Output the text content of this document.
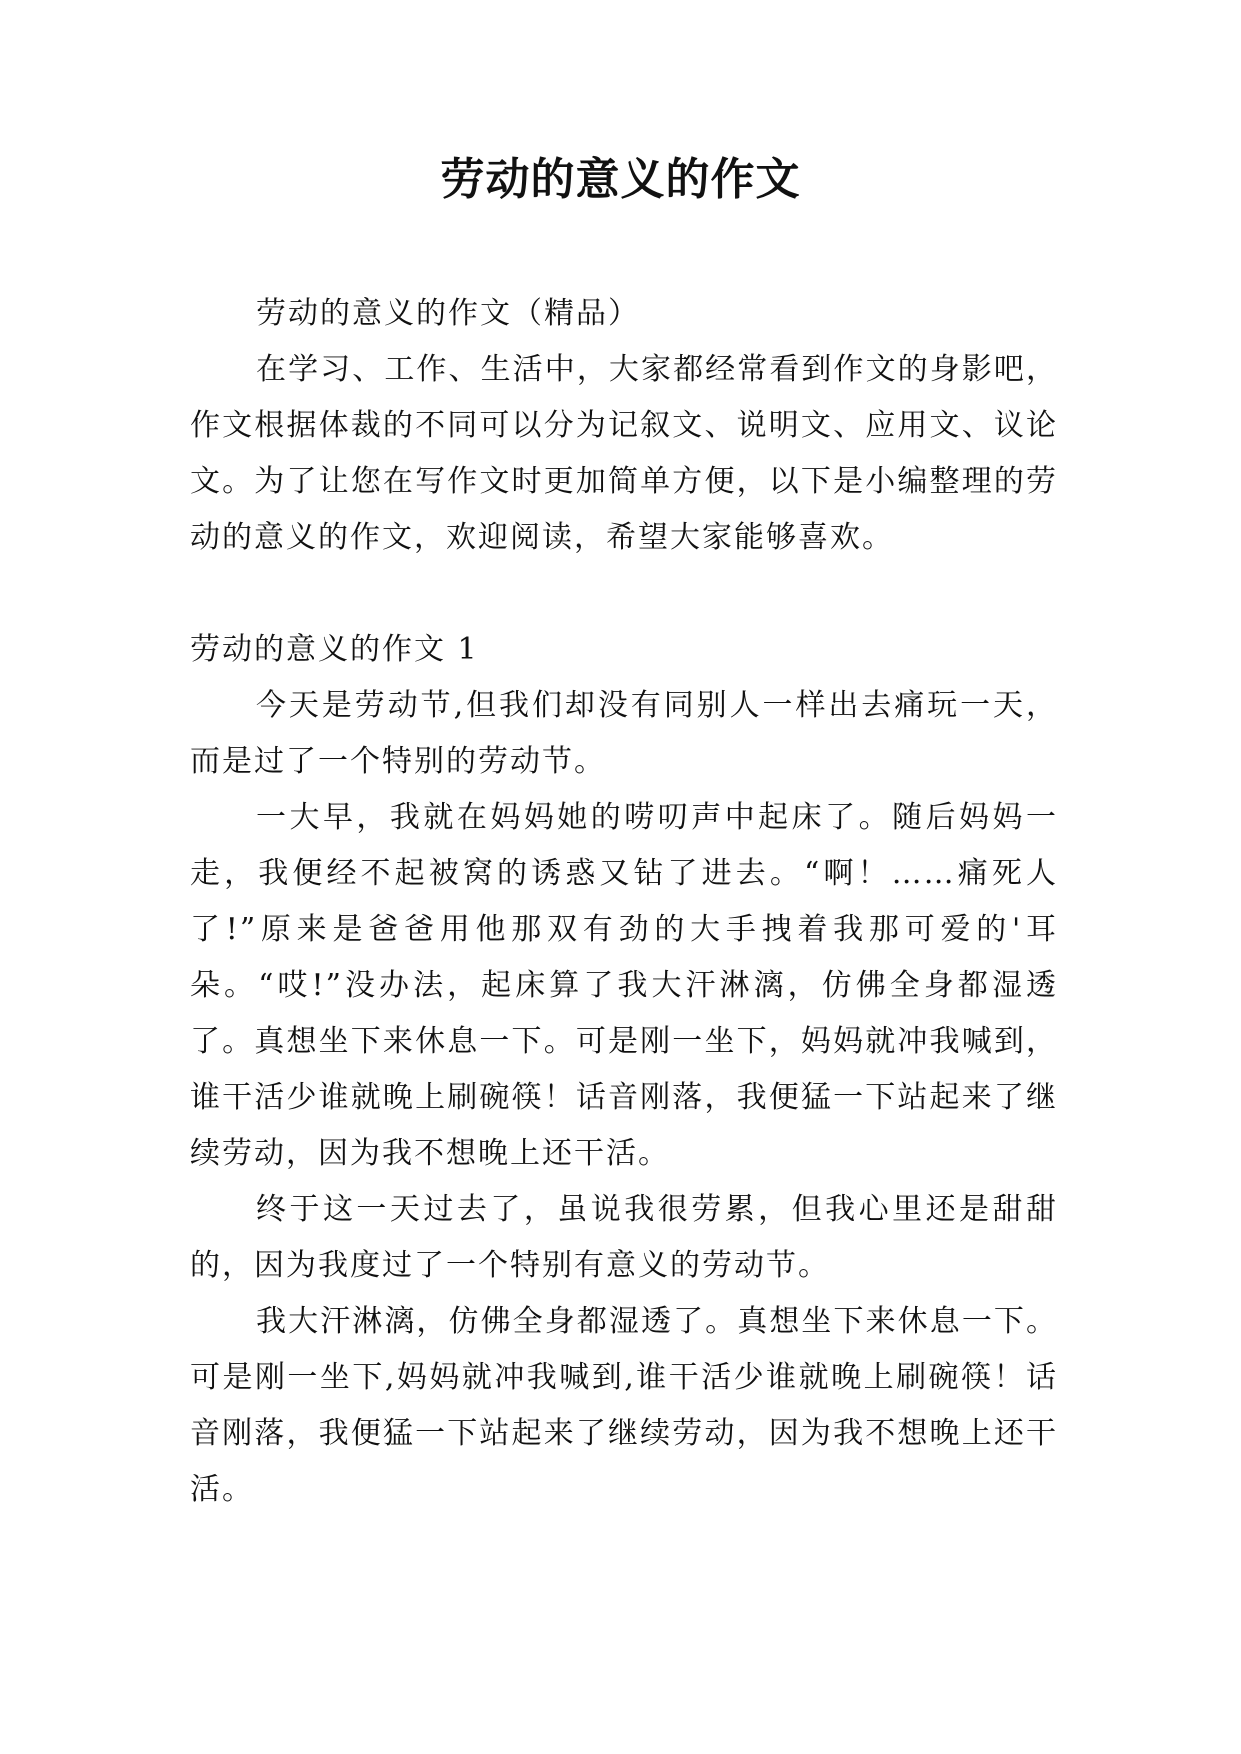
劳动的意义的作文

劳动的意义的作文（精品）

在学习、工作、生活中，大家都经常看到作文的身影吧，作文根据体裁的不同可以分为记叙文、说明文、应用文、议论文。为了让您在写作文时更加简单方便，以下是小编整理的劳动的意义的作文，欢迎阅读，希望大家能够喜欢。

劳动的意义的作文 1

今天是劳动节,但我们却没有同别人一样出去痛玩一天，而是过了一个特别的劳动节。

一大早，我就在妈妈她的唠叨声中起床了。随后妈妈一走，我便经不起被窝的诱惑又钻了进去。“啊！……痛死人了!”原来是爸爸用他那双有劲的大手拽着我那可爱的'耳朵。“哎!”没办法，起床算了我大汗淋漓，仿佛全身都湿透了。真想坐下来休息一下。可是刚一坐下，妈妈就冲我喊到，谁干活少谁就晚上刷碗筷！话音刚落，我便猛一下站起来了继续劳动，因为我不想晚上还干活。

终于这一天过去了，虽说我很劳累，但我心里还是甜甜的，因为我度过了一个特别有意义的劳动节。

我大汗淋漓，仿佛全身都湿透了。真想坐下来休息一下。可是刚一坐下,妈妈就冲我喊到,谁干活少谁就晚上刷碗筷！话音刚落，我便猛一下站起来了继续劳动，因为我不想晚上还干活。
